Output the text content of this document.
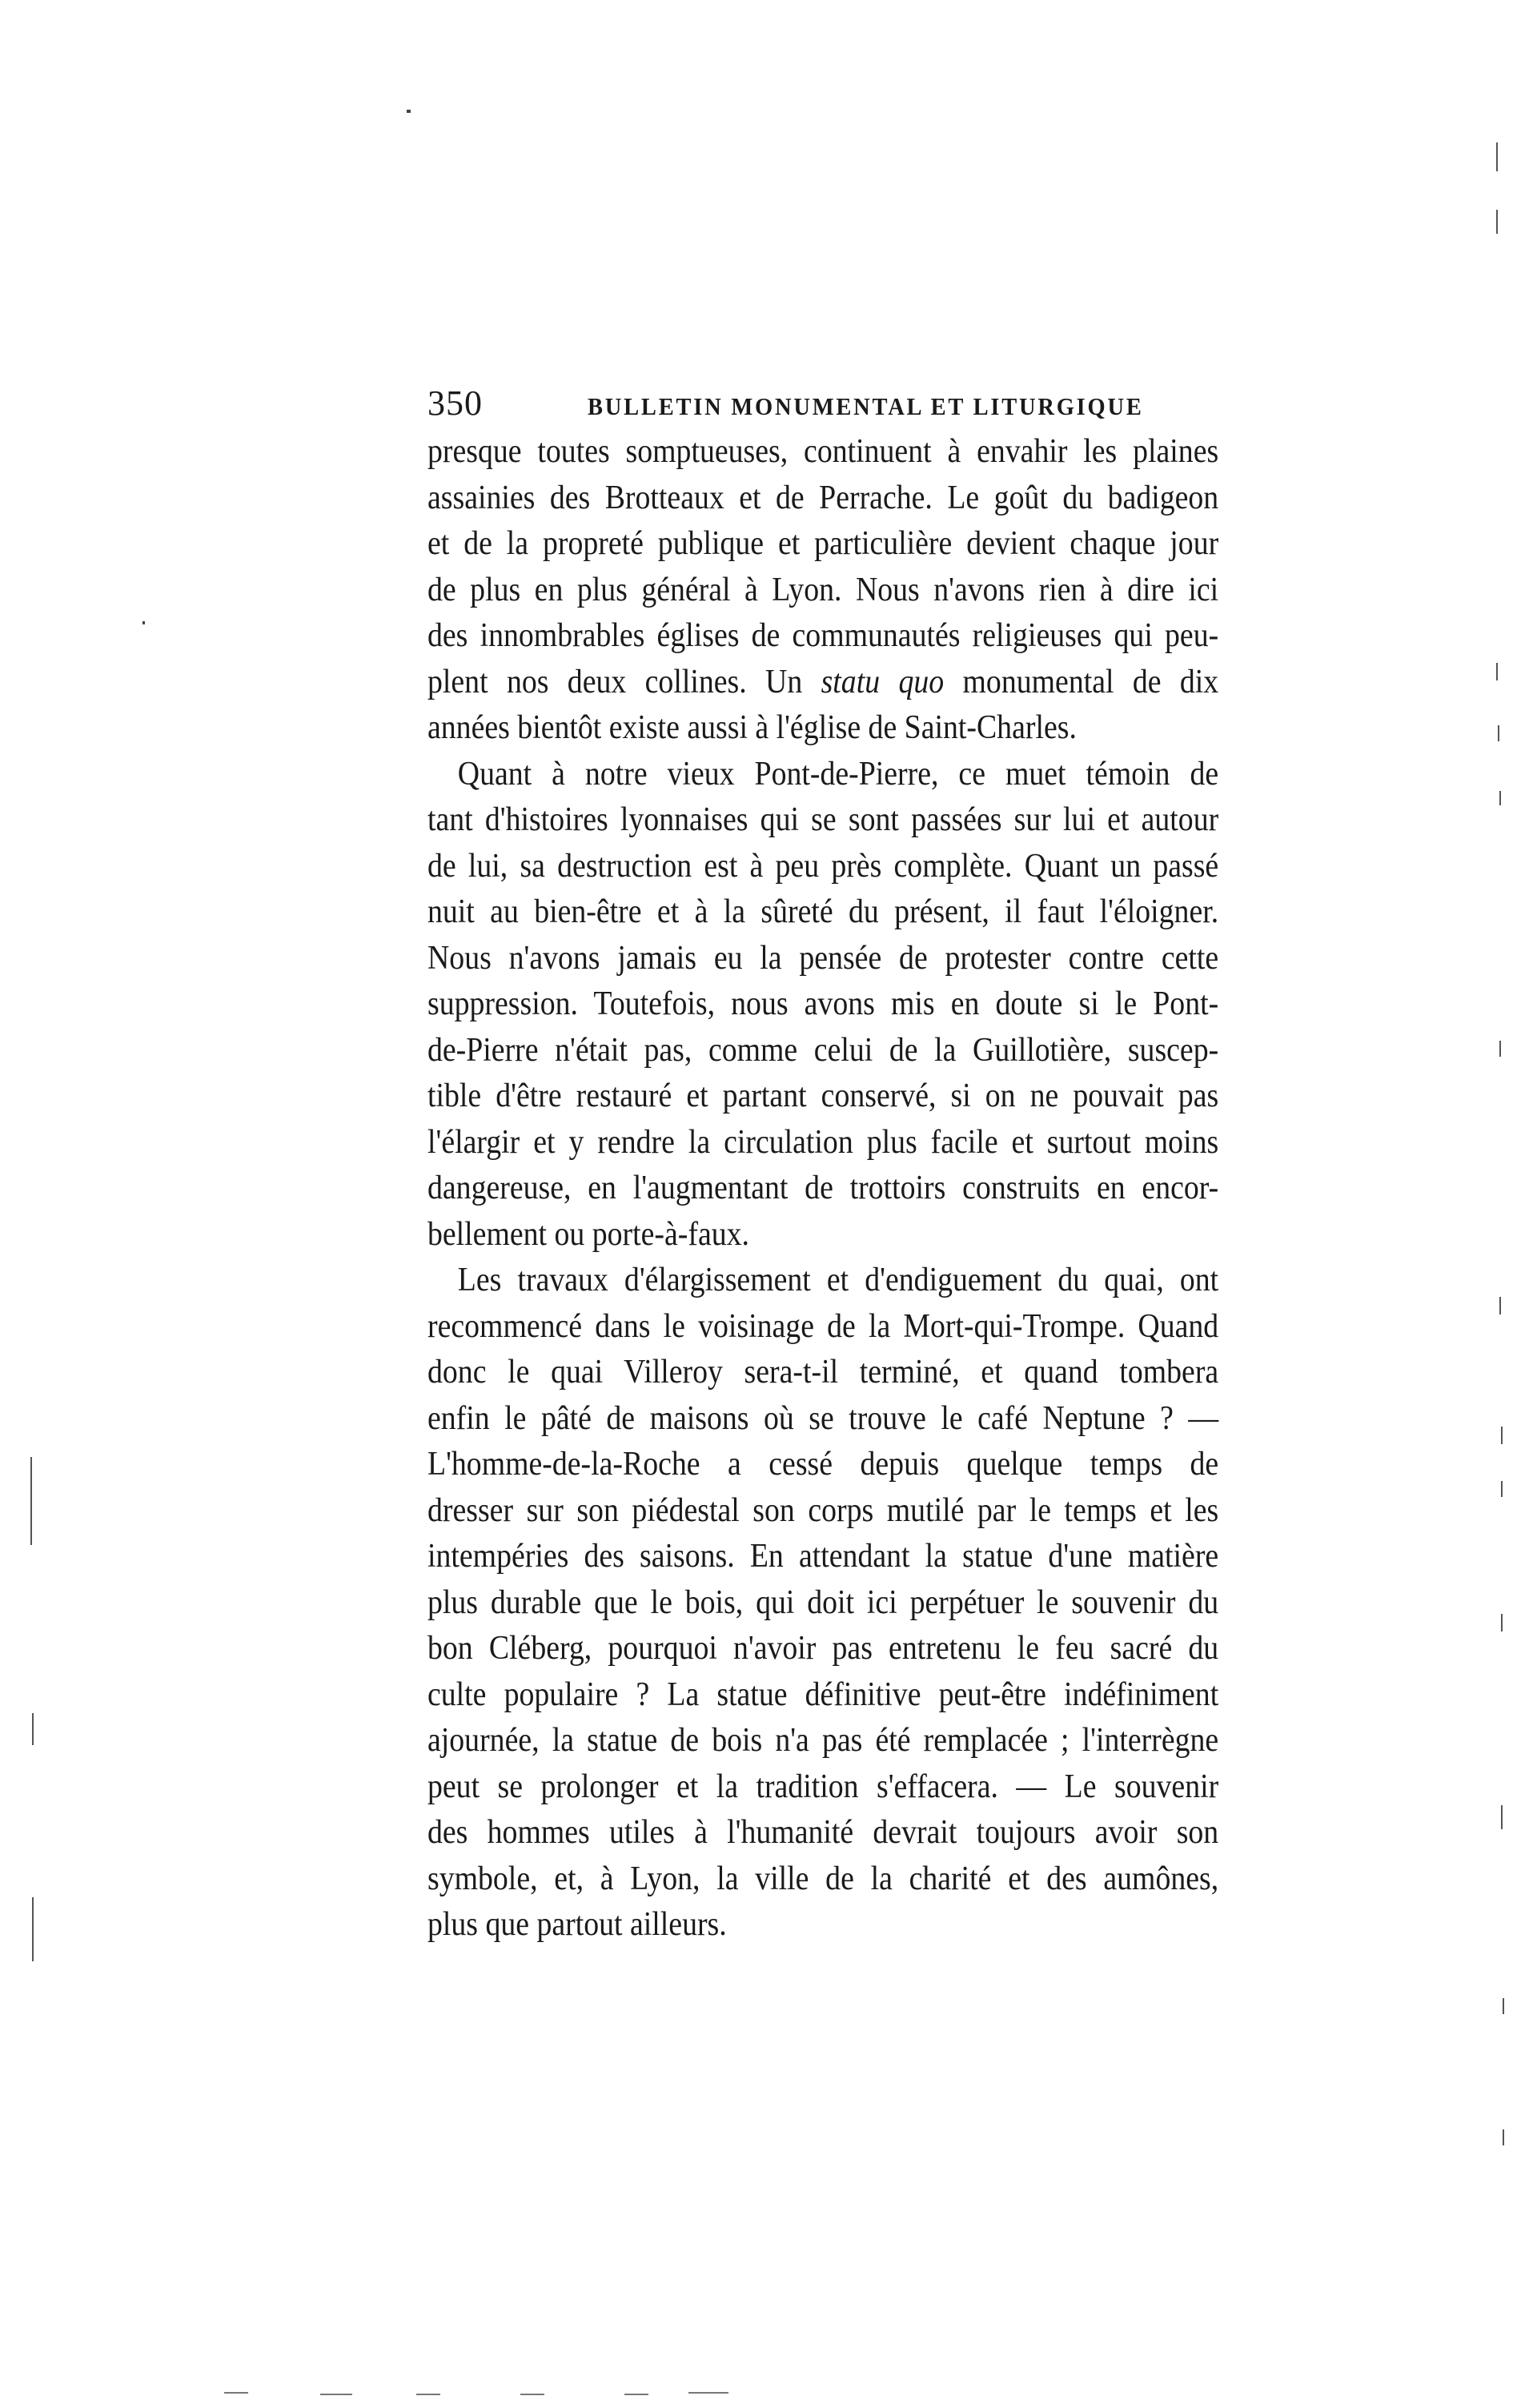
350	BULLETIN MONUMENTAL ET LITURGIQUE
presque toutes somptueuses, continuent à envahir les plaines
assainies des Brotteaux et de Perrache. Le goût du badigeon
et de la propreté publique et particulière devient chaque jour
de plus en plus général à Lyon. Nous n'avons rien à dire ici
des innombrables églises de communautés religieuses qui peu-
plent nos deux collines. Un statu quo monumental de dix
années bientôt existe aussi à l'église de Saint-Charles.
Quant à notre vieux Pont-de-Pierre, ce muet témoin de
tant d'histoires lyonnaises qui se sont passées sur lui et autour
de lui, sa destruction est à peu près complète. Quant un passé
nuit au bien-être et à la sûreté du présent, il faut l'éloigner.
Nous n'avons jamais eu la pensée de protester contre cette
suppression. Toutefois, nous avons mis en doute si le Pont-
de-Pierre n'était pas, comme celui de la Guillotière, suscep-
tible d'être restauré et partant conservé, si on ne pouvait pas
l'élargir et y rendre la circulation plus facile et surtout moins
dangereuse, en l'augmentant de trottoirs construits en encor-
bellement ou porte-à-faux.
Les travaux d'élargissement et d'endiguement du quai, ont
recommencé dans le voisinage de la Mort-qui-Trompe. Quand
donc le quai Villeroy sera-t-il terminé, et quand tombera
enfin le pâté de maisons où se trouve le café Neptune ? —
L'homme-de-la-Roche a cessé depuis quelque temps de
dresser sur son piédestal son corps mutilé par le temps et les
intempéries des saisons. En attendant la statue d'une matière
plus durable que le bois, qui doit ici perpétuer le souvenir du
bon Cléberg, pourquoi n'avoir pas entretenu le feu sacré du
culte populaire ? La statue définitive peut-être indéfiniment
ajournée, la statue de bois n'a pas été remplacée ; l'interrègne
peut se prolonger et la tradition s'effacera. — Le souvenir
des hommes utiles à l'humanité devrait toujours avoir son
symbole, et, à Lyon, la ville de la charité et des aumônes,
plus que partout ailleurs.
